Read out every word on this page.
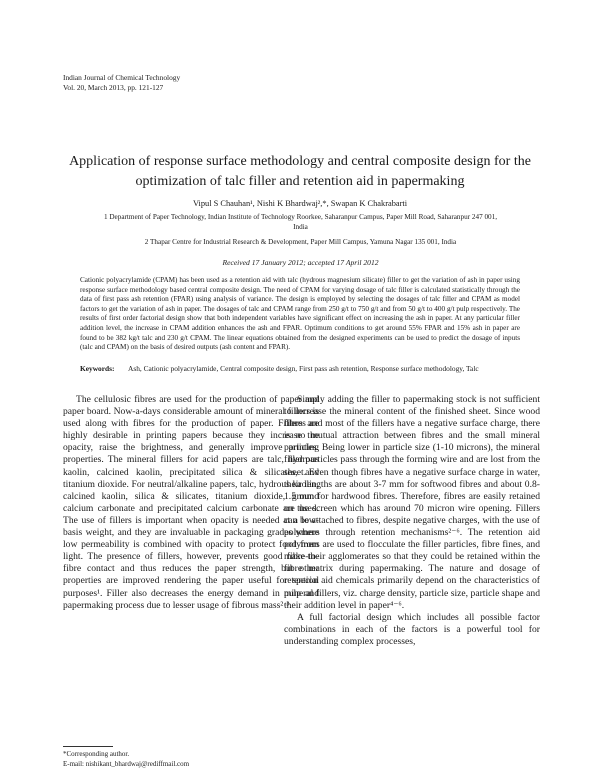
Indian Journal of Chemical Technology
Vol. 20, March 2013, pp. 121-127
Application of response surface methodology and central composite design for the optimization of talc filler and retention aid in papermaking
Vipul S Chauhan¹, Nishi K Bhardwaj²,*, Swapan K Chakrabarti
1 Department of Paper Technology, Indian Institute of Technology Roorkee, Saharanpur Campus, Paper Mill Road, Saharanpur 247 001, India
2 Thapar Centre for Industrial Research & Development, Paper Mill Campus, Yamuna Nagar 135 001, India
Received 17 January 2012; accepted 17 April 2012
Cationic polyacrylamide (CPAM) has been used as a retention aid with talc (hydrous magnesium silicate) filler to get the variation of ash in paper using response surface methodology based central composite design. The need of CPAM for varying dosage of talc filler is calculated statistically through the data of first pass ash retention (FPAR) using analysis of variance. The design is employed by selecting the dosages of talc filler and CPAM as model factors to get the variation of ash in paper. The dosages of talc and CPAM range from 250 g/t to 750 g/t and from 50 g/t to 400 g/t pulp respectively. The results of first order factorial design show that both independent variables have significant effect on increasing the ash in paper. At any particular filler addition level, the increase in CPAM addition enhances the ash and FPAR. Optimum conditions to get around 55% FPAR and 15% ash in paper are found to be 382 kg/t talc and 230 g/t CPAM. The linear equations obtained from the designed experiments can be used to predict the dosage of inputs (talc and CPAM) on the basis of desired outputs (ash content and FPAR).
Keywords:	Ash, Cationic polyacrylamide, Central composite design, First pass ash retention, Response surface methodology, Talc

The cellulosic fibres are used for the production of paper and paper board. Now-a-days considerable amount of mineral fillers is used along with fibres for the production of paper. Fillers are highly desirable in printing papers because they increase the opacity, raise the brightness, and generally improve printing properties. The mineral fillers for acid papers are talc, hydrous kaolin, calcined kaolin, precipitated silica & silicates, and titanium dioxide. For neutral/alkaline papers, talc, hydrous kaolin, calcined kaolin, silica & silicates, titanium dioxide, ground calcium carbonate and precipitated calcium carbonate are used. The use of fillers is important when opacity is needed at a low-basis weight, and they are invaluable in packaging grades where low permeability is combined with opacity to protect food from light. The presence of fillers, however, prevents good fibre-to-fibre contact and thus reduces the paper strength, but other properties are improved rendering the paper useful for special purposes¹. Filler also decreases the energy demand in pulp and papermaking process due to lesser usage of fibrous mass²·³.

Simply adding the filler to papermaking stock is not sufficient to increase the mineral content of the finished sheet. Since wood fibres and most of the fillers have a negative surface charge, there is no mutual attraction between fibres and the small mineral particles. Being lower in particle size (1-10 microns), the mineral filler particles pass through the forming wire and are lost from the sheet. Even though fibres have a negative surface charge in water, their lengths are about 3-7 mm for softwood fibres and about 0.8-1.5 mm for hardwood fibres. Therefore, fibres are easily retained on the screen which has around 70 micron wire opening. Fillers can be attached to fibres, despite negative charges, with the use of polymers through retention mechanisms²⁻⁶. The retention aid polymers are used to flocculate the filler particles, fibre fines, and make their agglomerates so that they could be retained within the fibre matrix during papermaking. The nature and dosage of retention aid chemicals primarily depend on the characteristics of mineral fillers, viz. charge density, particle size, particle shape and their addition level in paper⁴⁻⁶.

A full factorial design which includes all possible factor combinations in each of the factors is a powerful tool for understanding complex processes,

*Corresponding author.
E-mail: nishikant_bhardwaj@rediffmail.com
